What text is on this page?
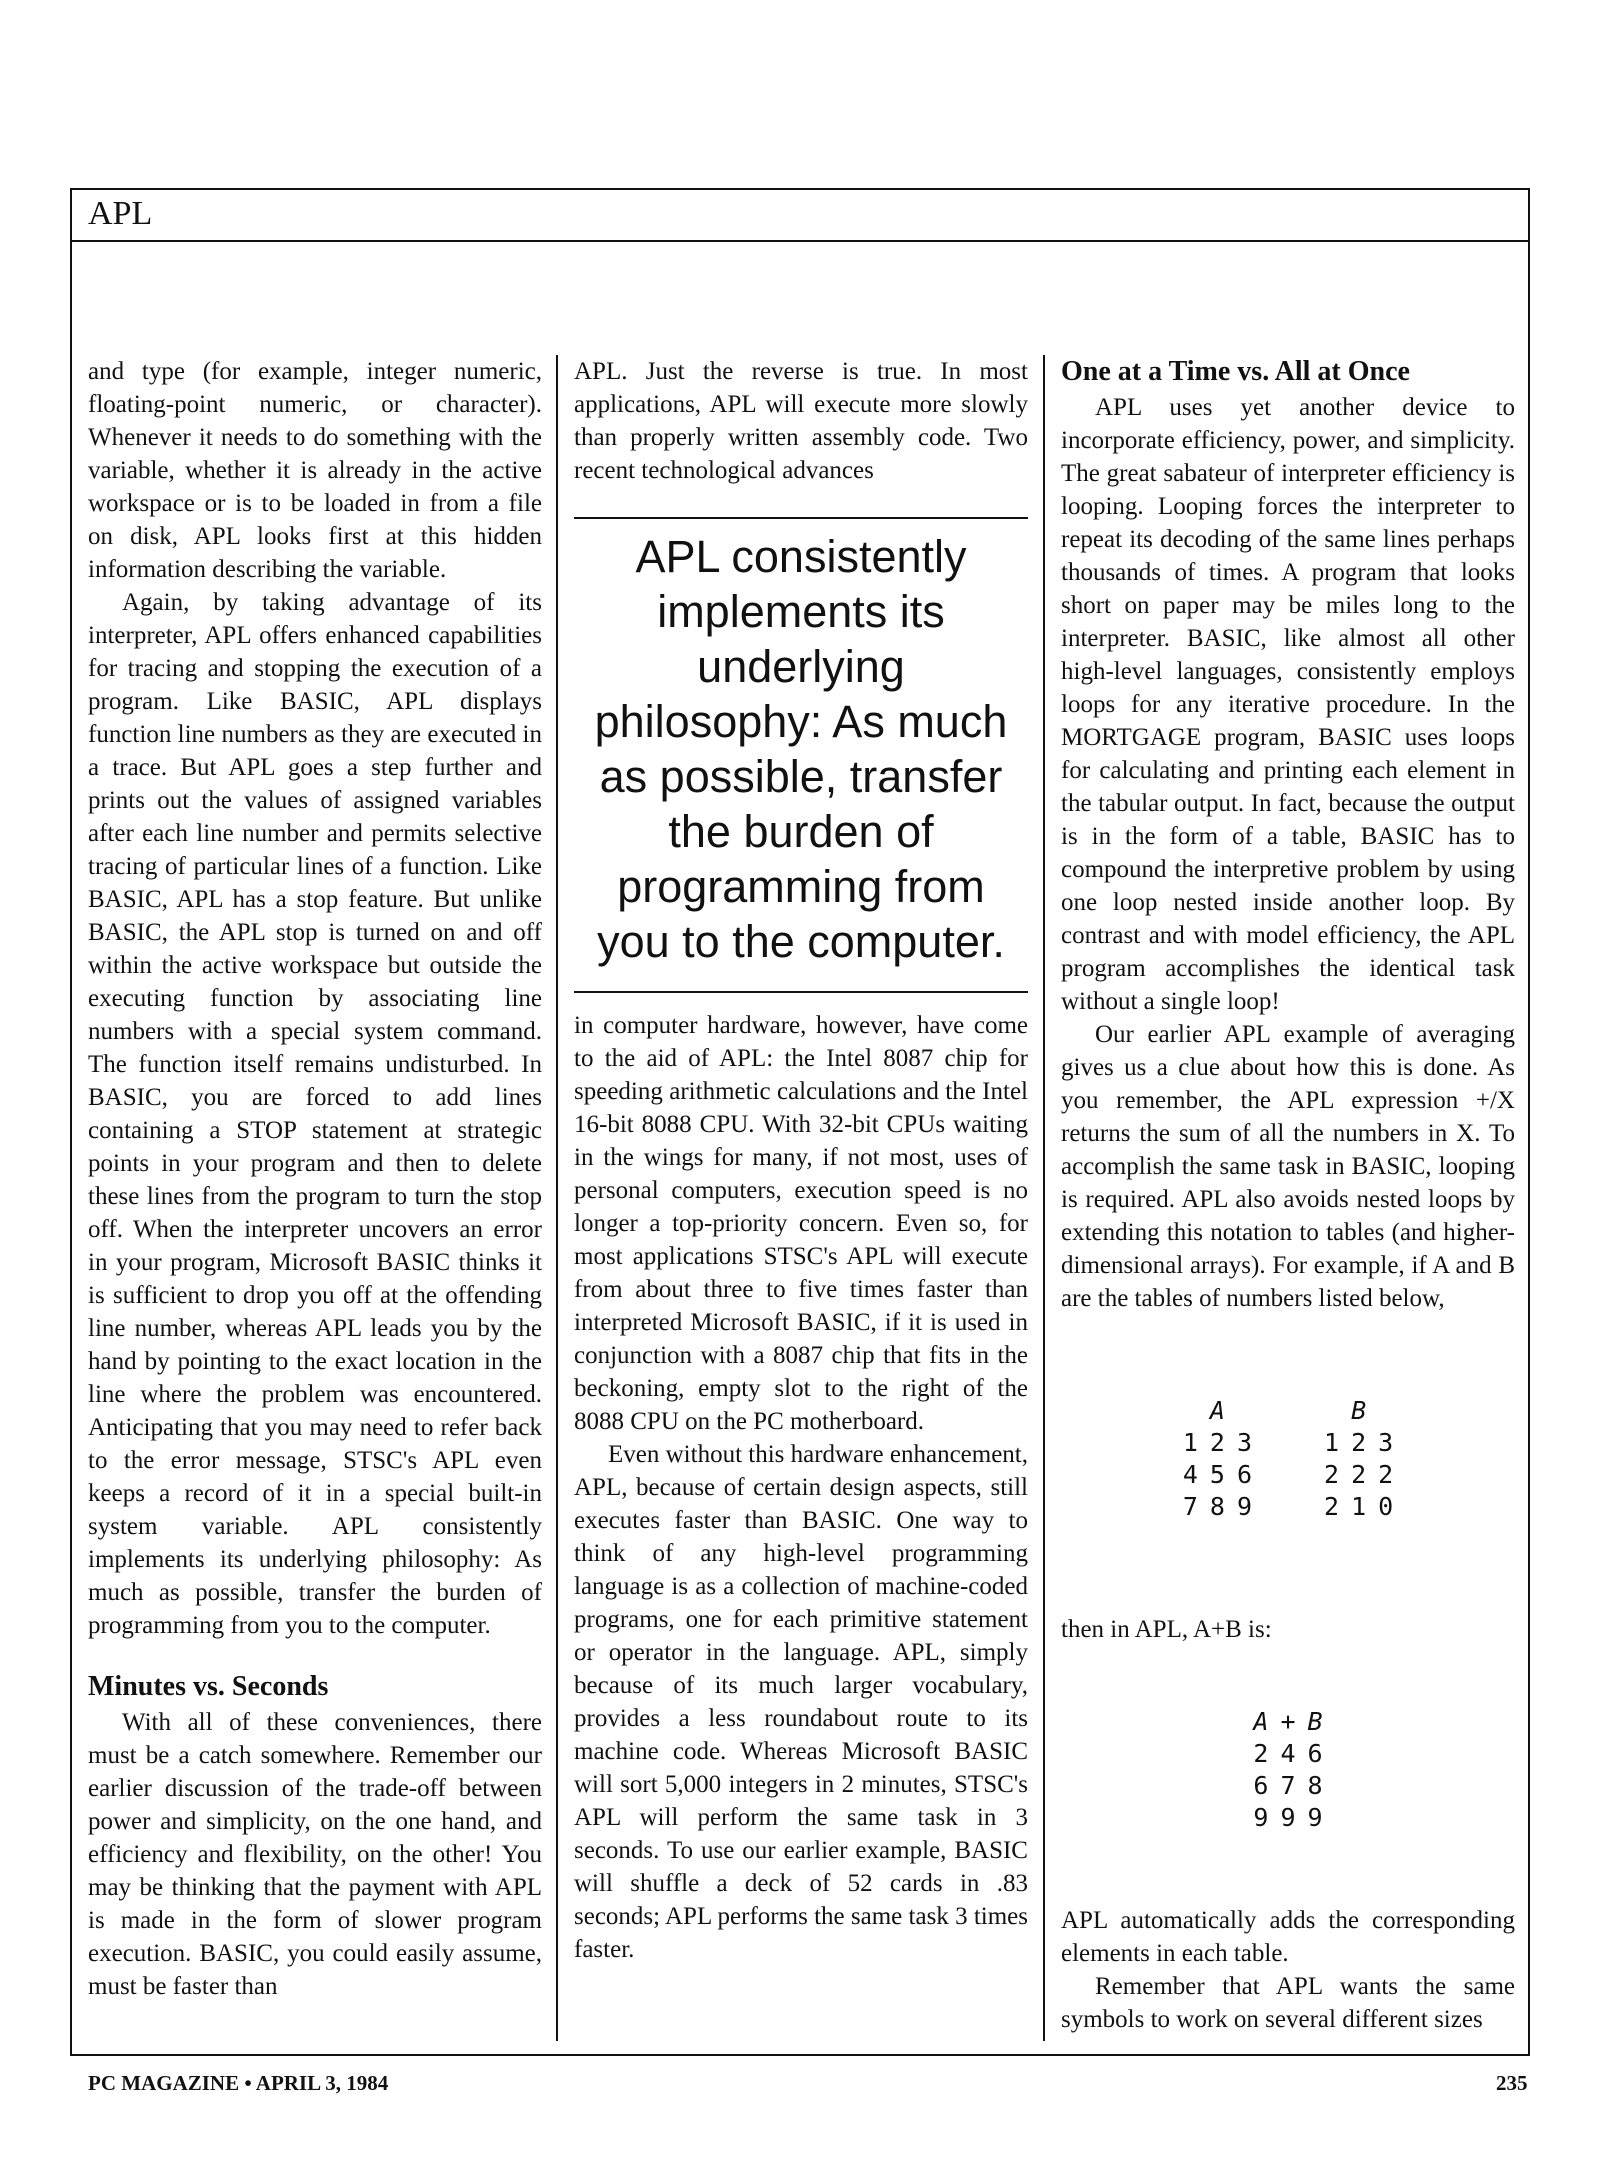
APL

and type (for example, integer numeric, floating-point numeric, or character). Whenever it needs to do something with the variable, whether it is already in the active workspace or is to be loaded in from a file on disk, APL looks first at this hidden information describing the variable.

Again, by taking advantage of its interpreter, APL offers enhanced capabilities for tracing and stopping the execution of a program. Like BASIC, APL displays function line numbers as they are executed in a trace. But APL goes a step further and prints out the values of assigned variables after each line number and permits selective tracing of particular lines of a function. Like BASIC, APL has a stop feature. But unlike BASIC, the APL stop is turned on and off within the active workspace but outside the executing function by associating line numbers with a special system command. The function itself remains undisturbed. In BASIC, you are forced to add lines containing a STOP statement at strategic points in your program and then to delete these lines from the program to turn the stop off. When the interpreter uncovers an error in your program, Microsoft BASIC thinks it is sufficient to drop you off at the offending line number, whereas APL leads you by the hand by pointing to the exact location in the line where the problem was encountered. Anticipating that you may need to refer back to the error message, STSC's APL even keeps a record of it in a special built-in system variable. APL consistently implements its underlying philosophy: As much as possible, transfer the burden of programming from you to the computer.

Minutes vs. Seconds

With all of these conveniences, there must be a catch somewhere. Remember our earlier discussion of the trade-off between power and simplicity, on the one hand, and efficiency and flexibility, on the other! You may be thinking that the payment with APL is made in the form of slower program execution. BASIC, you could easily assume, must be faster than

APL. Just the reverse is true. In most applications, APL will execute more slowly than properly written assembly code. Two recent technological advances

APL consistently implements its underlying philosophy: As much as possible, transfer the burden of programming from you to the computer.

in computer hardware, however, have come to the aid of APL: the Intel 8087 chip for speeding arithmetic calculations and the Intel 16-bit 8088 CPU. With 32-bit CPUs waiting in the wings for many, if not most, uses of personal computers, execution speed is no longer a top-priority concern. Even so, for most applications STSC's APL will execute from about three to five times faster than interpreted Microsoft BASIC, if it is used in conjunction with a 8087 chip that fits in the beckoning, empty slot to the right of the 8088 CPU on the PC motherboard.

Even without this hardware enhancement, APL, because of certain design aspects, still executes faster than BASIC. One way to think of any high-level programming language is as a collection of machine-coded programs, one for each primitive statement or operator in the language. APL, simply because of its much larger vocabulary, provides a less roundabout route to its machine code. Whereas Microsoft BASIC will sort 5,000 integers in 2 minutes, STSC's APL will perform the same task in 3 seconds. To use our earlier example, BASIC will shuffle a deck of 52 cards in .83 seconds; APL performs the same task 3 times faster.

One at a Time vs. All at Once

APL uses yet another device to incorporate efficiency, power, and simplicity. The great sabateur of interpreter efficiency is looping. Looping forces the interpreter to repeat its decoding of the same lines perhaps thousands of times. A program that looks short on paper may be miles long to the interpreter. BASIC, like almost all other high-level languages, consistently employs loops for any iterative procedure. In the MORTGAGE program, BASIC uses loops for calculating and printing each element in the tabular output. In fact, because the output is in the form of a table, BASIC has to compound the interpretive problem by using one loop nested inside another loop. By contrast and with model efficiency, the APL program accomplishes the identical task without a single loop!

Our earlier APL example of averaging gives us a clue about how this is done. As you remember, the APL expression +/X returns the sum of all the numbers in X. To accomplish the same task in BASIC, looping is required. APL also avoids nested loops by extending this notation to tables (and higher-dimensional arrays). For example, if A and B are the tables of numbers listed below,

	A	
1	2	3
4	5	6
7	8	9
	B	
1	2	3
2	2	2
2	1	0

then in APL, A+B is:

A	+	B
2	4	6
6	7	8
9	9	9

APL automatically adds the corresponding elements in each table.

Remember that APL wants the same symbols to work on several different sizes

PC MAGAZINE • APRIL 3, 1984	235
